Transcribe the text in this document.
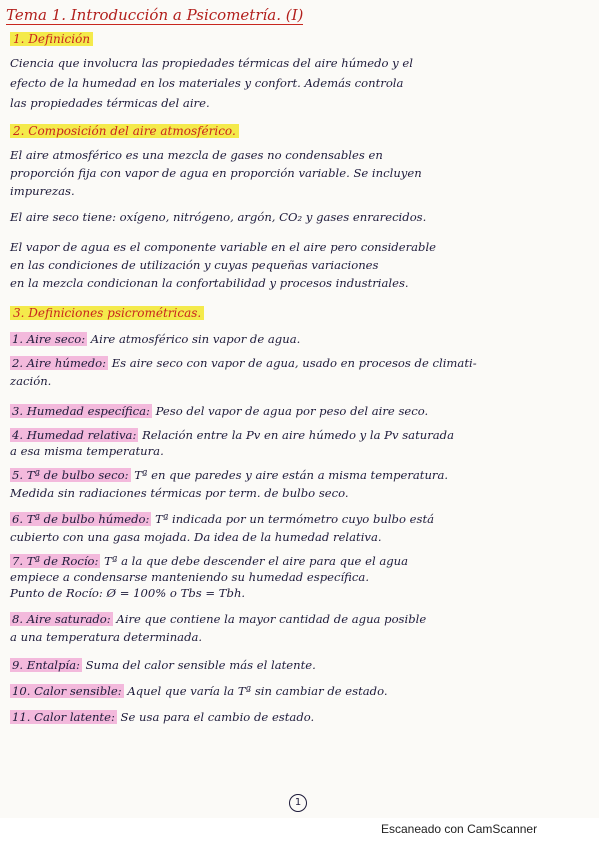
Tema 1. Introducción a Psicometría. (I)
1. Definición
Ciencia que involucra las propiedades térmicas del aire húmedo y el
efecto de la humedad en los materiales y confort. Además controla
las propiedades térmicas del aire.
2. Composición del aire atmosférico.
El aire atmosférico es una mezcla de gases no condensables en
proporción fija con vapor de agua en proporción variable. Se incluyen
impurezas.
El aire seco tiene: oxígeno, nitrógeno, argón, CO₂ y gases enrarecidos.
El vapor de agua es el componente variable en el aire pero considerable
en las condiciones de utilización y cuyas pequeñas variaciones
en la mezcla condicionan la confortabilidad y procesos industriales.
3. Definiciones psicrométricas.
1. Aire seco: Aire atmosférico sin vapor de agua.
2. Aire húmedo: Es aire seco con vapor de agua, usado en procesos de climati-
zación.
3. Humedad específica: Peso del vapor de agua por peso del aire seco.
4. Humedad relativa: Relación entre la Pv en aire húmedo y la Pv saturada
a esa misma temperatura.
5. Tª de bulbo seco: Tª en que paredes y aire están a misma temperatura.
Medida sin radiaciones térmicas por term. de bulbo seco.
6. Tª de bulbo húmedo: Tª indicada por un termómetro cuyo bulbo está
cubierto con una gasa mojada. Da idea de la humedad relativa.
7. Tª de Rocío: Tª a la que debe descender el aire para que el agua
empiece a condensarse manteniendo su humedad específica.
Punto de Rocío: Ø = 100% o Tbs = Tbh.
8. Aire saturado: Aire que contiene la mayor cantidad de agua posible
a una temperatura determinada.
9. Entalpía: Suma del calor sensible más el latente.
10. Calor sensible: Aquel que varía la Tª sin cambiar de estado.
11. Calor latente: Se usa para el cambio de estado.
1
Escaneado con CamScanner
